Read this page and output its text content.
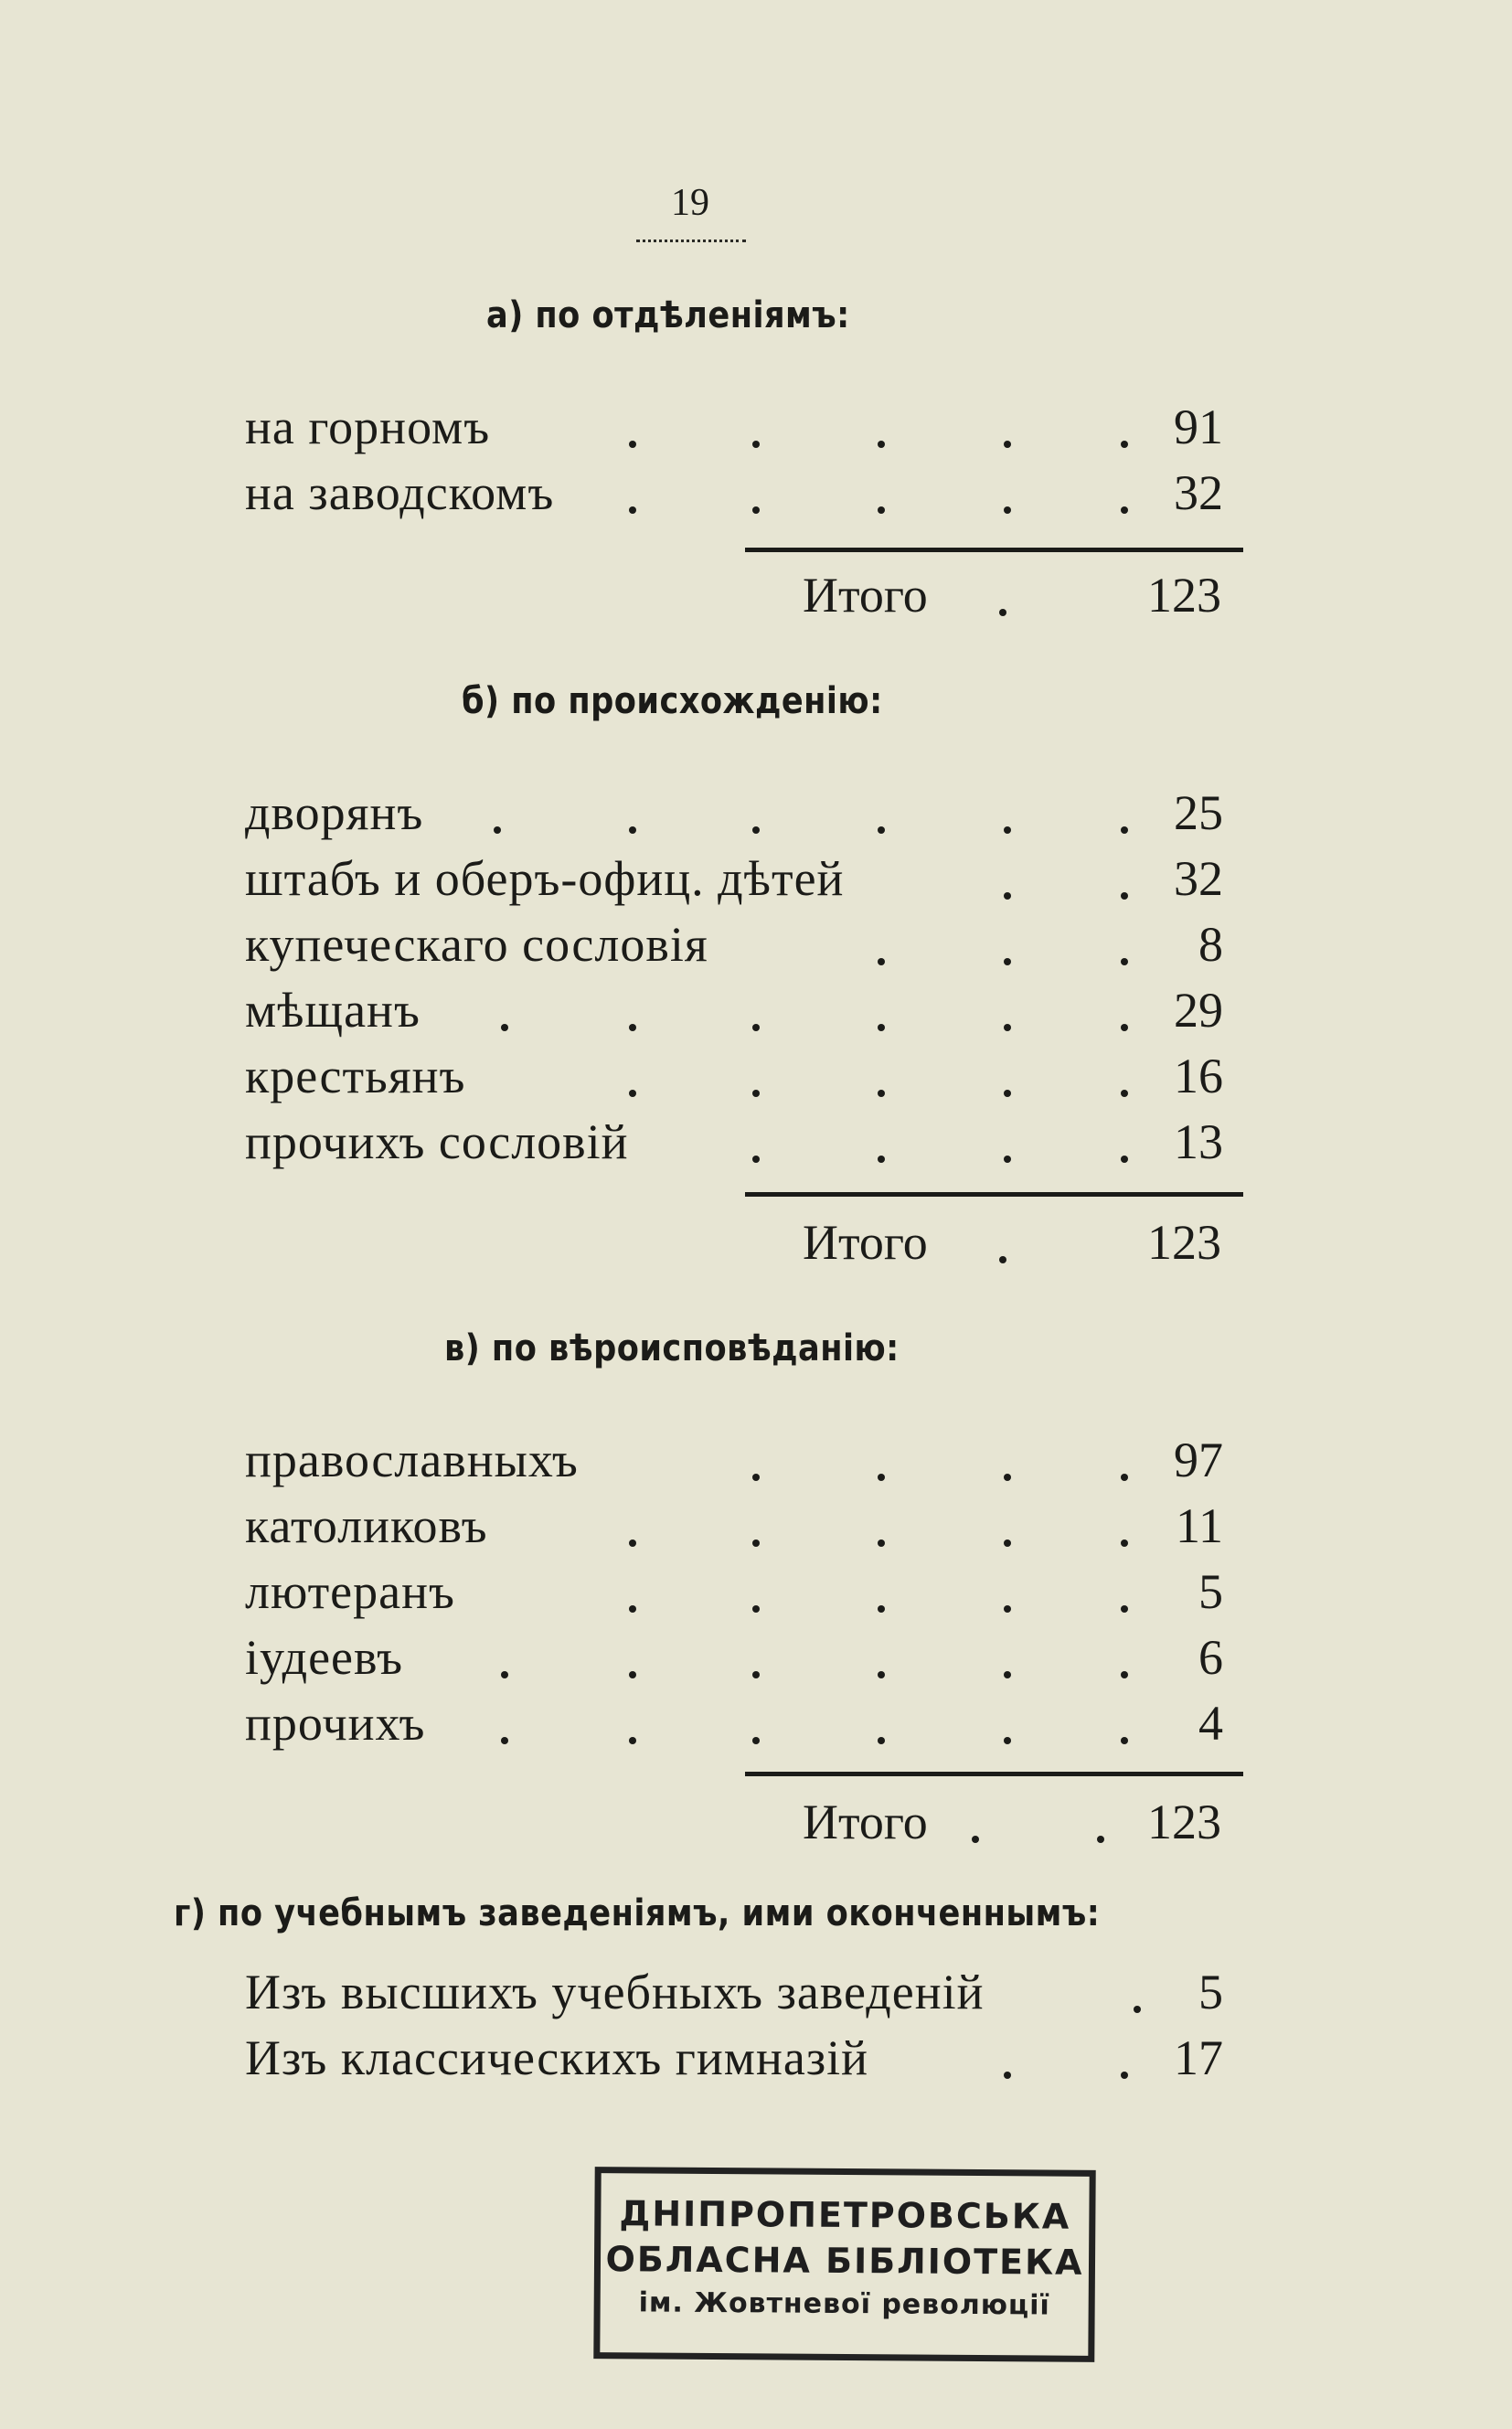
19
а) по отдѣленіямъ:
на горномъ	91
на заводскомъ	32
Итого	123
б) по происхожденію:
дворянъ	25
штабъ и оберъ-офиц. дѣтей	32
купеческаго сословія	8
мѣщанъ	29
крестьянъ	16
прочихъ сословій	13
Итого	123
в) по вѣроисповѣданію:
православныхъ	97
католиковъ	11
лютеранъ	5
іудеевъ	6
прочихъ	4
Итого	123
г) по учебнымъ заведеніямъ, ими оконченнымъ:
Изъ высшихъ учебныхъ заведеній	5
Изъ классическихъ гимназій	17
ДНІПРОПЕТРОВСЬКА
ОБЛАСНА БІБЛІОТЕКА
ім. Жовтневої революції
